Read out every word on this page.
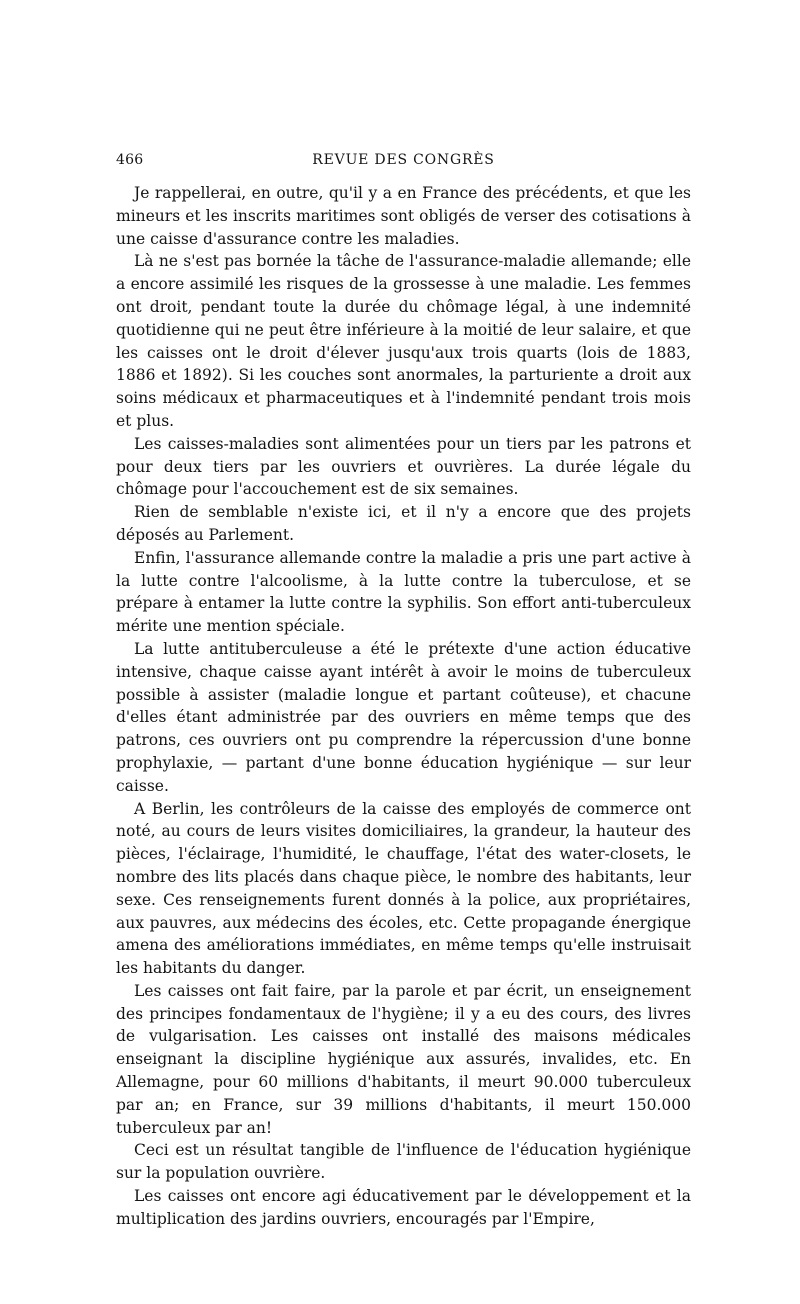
466	REVUE DES CONGRÈS

Je rappellerai, en outre, qu'il y a en France des précédents, et que les mineurs et les inscrits maritimes sont obligés de verser des cotisations à une caisse d'assurance contre les maladies.

Là ne s'est pas bornée la tâche de l'assurance-maladie allemande; elle a encore assimilé les risques de la grossesse à une maladie. Les femmes ont droit, pendant toute la durée du chômage légal, à une indemnité quotidienne qui ne peut être inférieure à la moitié de leur salaire, et que les caisses ont le droit d'élever jusqu'aux trois quarts (lois de 1883, 1886 et 1892). Si les couches sont anormales, la parturiente a droit aux soins médicaux et pharmaceutiques et à l'indemnité pendant trois mois et plus.

Les caisses-maladies sont alimentées pour un tiers par les patrons et pour deux tiers par les ouvriers et ouvrières. La durée légale du chômage pour l'accouchement est de six semaines.

Rien de semblable n'existe ici, et il n'y a encore que des projets déposés au Parlement.

Enfin, l'assurance allemande contre la maladie a pris une part active à la lutte contre l'alcoolisme, à la lutte contre la tuberculose, et se prépare à entamer la lutte contre la syphilis. Son effort anti-tuberculeux mérite une mention spéciale.

La lutte antituberculeuse a été le prétexte d'une action éducative intensive, chaque caisse ayant intérêt à avoir le moins de tuberculeux possible à assister (maladie longue et partant coûteuse), et chacune d'elles étant administrée par des ouvriers en même temps que des patrons, ces ouvriers ont pu comprendre la répercussion d'une bonne prophylaxie, — partant d'une bonne éducation hygiénique — sur leur caisse.

A Berlin, les contrôleurs de la caisse des employés de commerce ont noté, au cours de leurs visites domiciliaires, la grandeur, la hauteur des pièces, l'éclairage, l'humidité, le chauffage, l'état des water-closets, le nombre des lits placés dans chaque pièce, le nombre des habitants, leur sexe. Ces renseignements furent donnés à la police, aux propriétaires, aux pauvres, aux médecins des écoles, etc. Cette propagande énergique amena des améliorations immédiates, en même temps qu'elle instruisait les habitants du danger.

Les caisses ont fait faire, par la parole et par écrit, un enseignement des principes fondamentaux de l'hygiène; il y a eu des cours, des livres de vulgarisation. Les caisses ont installé des maisons médicales enseignant la discipline hygiénique aux assurés, invalides, etc. En Allemagne, pour 60 millions d'habitants, il meurt 90.000 tuberculeux par an; en France, sur 39 millions d'habitants, il meurt 150.000 tuberculeux par an!

Ceci est un résultat tangible de l'influence de l'éducation hygiénique sur la population ouvrière.

Les caisses ont encore agi éducativement par le développement et la multiplication des jardins ouvriers, encouragés par l'Empire,
